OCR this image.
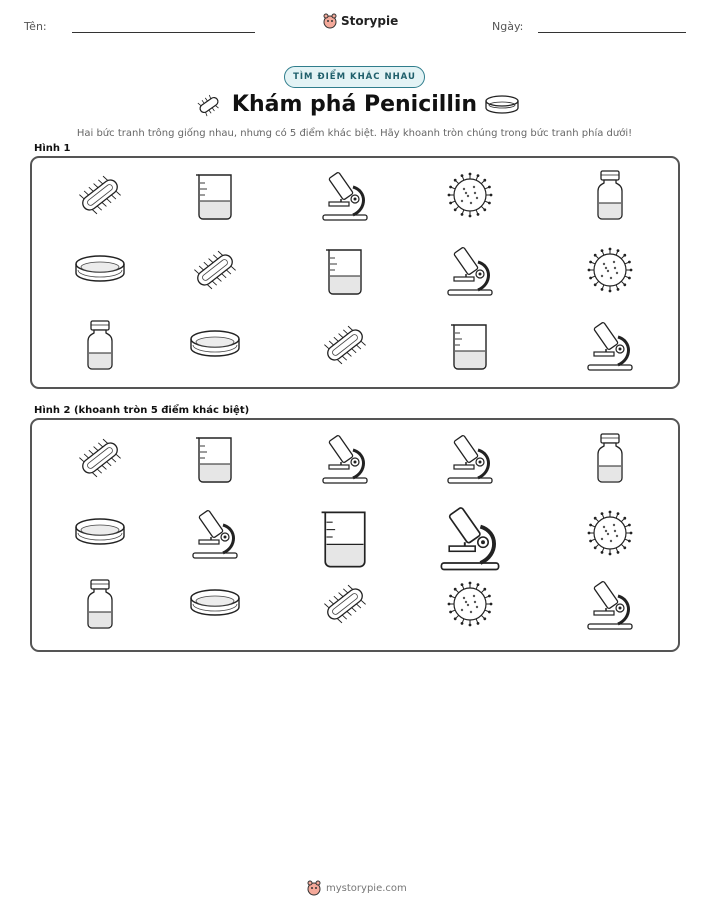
Tên:	Storypie	Ngày:
TÌM ĐIỂM KHÁC NHAU
Khám phá Penicillin
Hai bức tranh trông giống nhau, nhưng có 5 điểm khác biệt. Hãy khoanh tròn chúng trong bức tranh phía dưới!
Hình 1
Hình 2 (khoanh tròn 5 điểm khác biệt)
mystorypie.com
